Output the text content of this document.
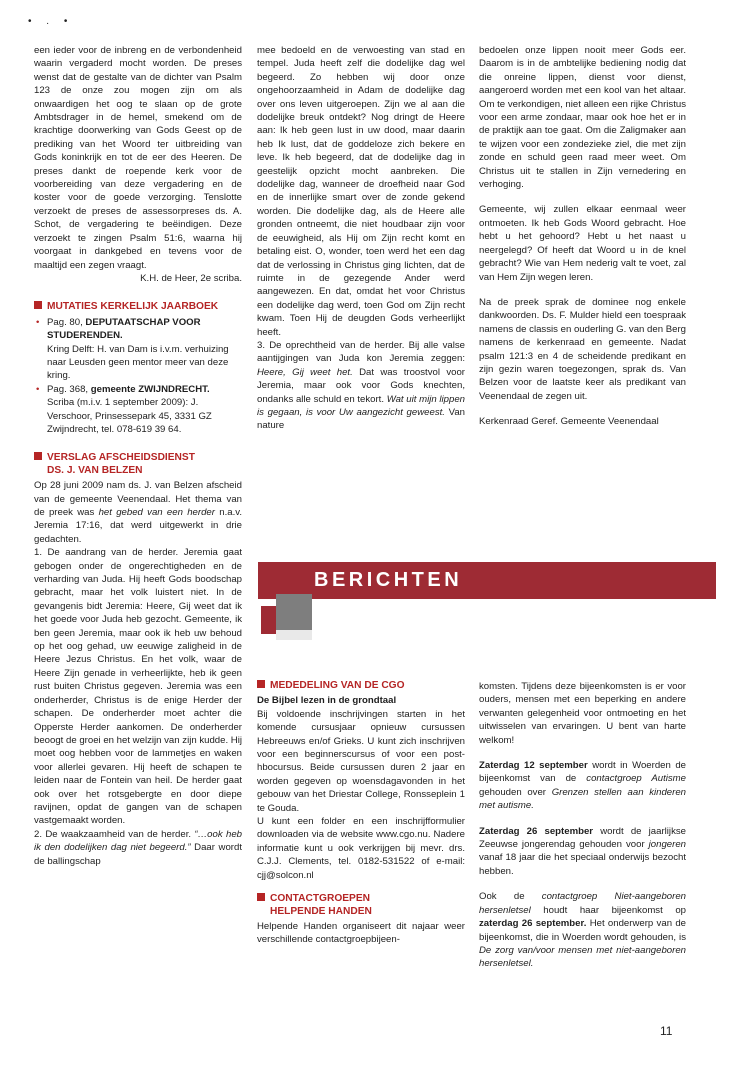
• . •

een ieder voor de inbreng en de verbondenheid waarin vergaderd mocht worden. De preses wenst dat de gestalte van de dichter van Psalm 123 de onze zou mogen zijn om als onwaardigen het oog te slaan op de grote Ambtsdrager in de hemel, smekend om de krachtige doorwerking van Gods Geest op de prediking van het Woord ter uitbreiding van Gods koninkrijk en tot de eer des Heeren. De preses dankt de roepende kerk voor de voorbereiding van deze vergadering en de koster voor de goede verzorging. Tenslotte verzoekt de preses de assessorpreses ds. A. Schot, de vergadering te beëindigen. Deze verzoekt te zingen Psalm 51:6, waarna hij voorgaat in dankgebed en tevens voor de maaltijd een zegen vraagt.

K.H. de Heer, 2e scriba.

MUTATIES KERKELIJK JAARBOEK
• Pag. 80, DEPUTAATSCHAP VOOR STUDERENDEN.
Kring Delft: H. van Dam is i.v.m. verhuizing naar Leusden geen mentor meer van deze kring.
• Pag. 368, gemeente ZWIJNDRECHT.
Scriba (m.i.v. 1 september 2009): J. Verschoor, Prinsessepark 45, 3331 GZ Zwijndrecht, tel. 078-619 39 64.
VERSLAG AFSCHEIDSDIENST
DS. J. VAN BELZEN

Op 28 juni 2009 nam ds. J. van Belzen afscheid van de gemeente Veenendaal. Het thema van de preek was het gebed van een herder n.a.v. Jeremia 17:16, dat werd uitgewerkt in drie gedachten.

1. De aandrang van de herder. Jeremia gaat gebogen onder de ongerechtigheden en de verharding van Juda. Hij heeft Gods boodschap gebracht, maar het volk luistert niet. In de gevangenis bidt Jeremia: Heere, Gij weet dat ik het goede voor Juda heb gezocht. Gemeente, ik ben geen Jeremia, maar ook ik heb uw behoud op het oog gehad, uw eeuwige zaligheid in de Heere Jezus Christus. En het volk, waar de Heere Zijn genade in verheerlijkte, heb ik geen rust buiten Christus gegeven. Jeremia was een onderherder, Christus is de enige Herder der schapen. De onderherder moet achter die Opperste Herder aankomen. De onderherder beoogt de groei en het welzijn van zijn kudde. Hij moet oog hebben voor de lammetjes en waken voor allerlei gevaren. Hij heeft de schapen te leiden naar de Fontein van heil. De herder gaat ook over het rotsgebergte en door diepe ravijnen, opdat de gangen van de schapen vastgemaakt worden.

2. De waakzaamheid van de herder. “…ook heb ik den dodelijken dag niet begeerd.” Daar wordt de ballingschap

mee bedoeld en de verwoesting van stad en tempel. Juda heeft zelf die dodelijke dag wel begeerd. Zo hebben wij door onze ongehoorzaamheid in Adam de dodelijke dag over ons leven uitgeroepen. Zijn we al aan die dodelijke breuk ontdekt? Nog dringt de Heere aan: Ik heb geen lust in uw dood, maar daarin heb Ik lust, dat de goddeloze zich bekere en leve. Ik heb begeerd, dat de dodelijke dag in geestelijk opzicht mocht aanbreken. Die dodelijke dag, wanneer de droefheid naar God en de innerlijke smart over de zonde gekend worden. Die dodelijke dag, als de Heere alle gronden ontneemt, die niet houdbaar zijn voor de eeuwigheid, als Hij om Zijn recht komt en betaling eist. O, wonder, toen werd het een dag dat de verlossing in Christus ging lichten, dat de ruimte in de gezegende Ander werd aangewezen. En dat, omdat het voor Christus een dodelijke dag werd, toen God om Zijn recht kwam. Toen Hij de deugden Gods verheerlijkt heeft.

3. De oprechtheid van de herder. Bij alle valse aantijgingen van Juda kon Jeremia zeggen: Heere, Gij weet het. Dat was troostvol voor Jeremia, maar ook voor Gods knechten, ondanks alle schuld en tekort. Wat uit mijn lippen is gegaan, is voor Uw aangezicht geweest. Van nature

bedoelen onze lippen nooit meer Gods eer. Daarom is in de ambtelijke bediening nodig dat die onreine lippen, dienst voor dienst, aangeroerd worden met een kool van het altaar. Om te verkondigen, niet alleen een rijke Christus voor een arme zondaar, maar ook hoe het er in de praktijk aan toe gaat. Om die Zaligmaker aan te wijzen voor een zondezieke ziel, die met zijn zonde en schuld geen raad meer weet. Om Christus uit te stallen in Zijn vernedering en verhoging.

Gemeente, wij zullen elkaar eenmaal weer ontmoeten. Ik heb Gods Woord gebracht. Hoe hebt u het gehoord? Hebt u het naast u neergelegd? Of heeft dat Woord u in de knel gebracht? Wie van Hem nederig valt te voet, zal van Hem Zijn wegen leren.

Na de preek sprak de dominee nog enkele dankwoorden. Ds. F. Mulder hield een toespraak namens de classis en ouderling G. van den Berg namens de kerkenraad en gemeente. Nadat psalm 121:3 en 4 de scheidende predikant en zijn gezin waren toegezongen, sprak ds. Van Belzen voor de laatste keer als predikant van Veenendaal de zegen uit.

Kerkenraad Geref. Gemeente Veenendaal

BERICHTEN
MEDEDELING VAN DE CGO

De Bijbel lezen in de grondtaal

Bij voldoende inschrijvingen starten in het komende cursusjaar opnieuw cursussen Hebreeuws en/of Grieks. U kunt zich inschrijven voor een beginnerscursus of voor een post-hbocursus. Beide cursussen duren 2 jaar en worden gegeven op woensdagavonden in het gebouw van het Driestar College, Ronsseplein 1 te Gouda.

U kunt een folder en een inschrijfformulier downloaden via de website www.cgo.nu. Nadere informatie kunt u ook verkrijgen bij mevr. drs. C.J.J. Clements, tel. 0182-531522 of e-mail: cjj@solcon.nl

CONTACTGROEPEN
HELPENDE HANDEN

Helpende Handen organiseert dit najaar weer verschillende contactgroepbijeen-

komsten. Tijdens deze bijeenkomsten is er voor ouders, mensen met een beperking en andere verwanten gelegenheid voor ontmoeting en het uitwisselen van ervaringen. U bent van harte welkom!

Zaterdag 12 september wordt in Woerden de bijeenkomst van de contactgroep Autisme gehouden over Grenzen stellen aan kinderen met autisme.

Zaterdag 26 september wordt de jaarlijkse Zeeuwse jongerendag gehouden voor jongeren vanaf 18 jaar die het speciaal onderwijs bezocht hebben.

Ook de contactgroep Niet-aangeboren hersenletsel houdt haar bijeenkomst op zaterdag 26 september. Het onderwerp van de bijeenkomst, die in Woerden wordt gehouden, is De zorg van/voor mensen met niet-aangeboren hersenletsel.

11
